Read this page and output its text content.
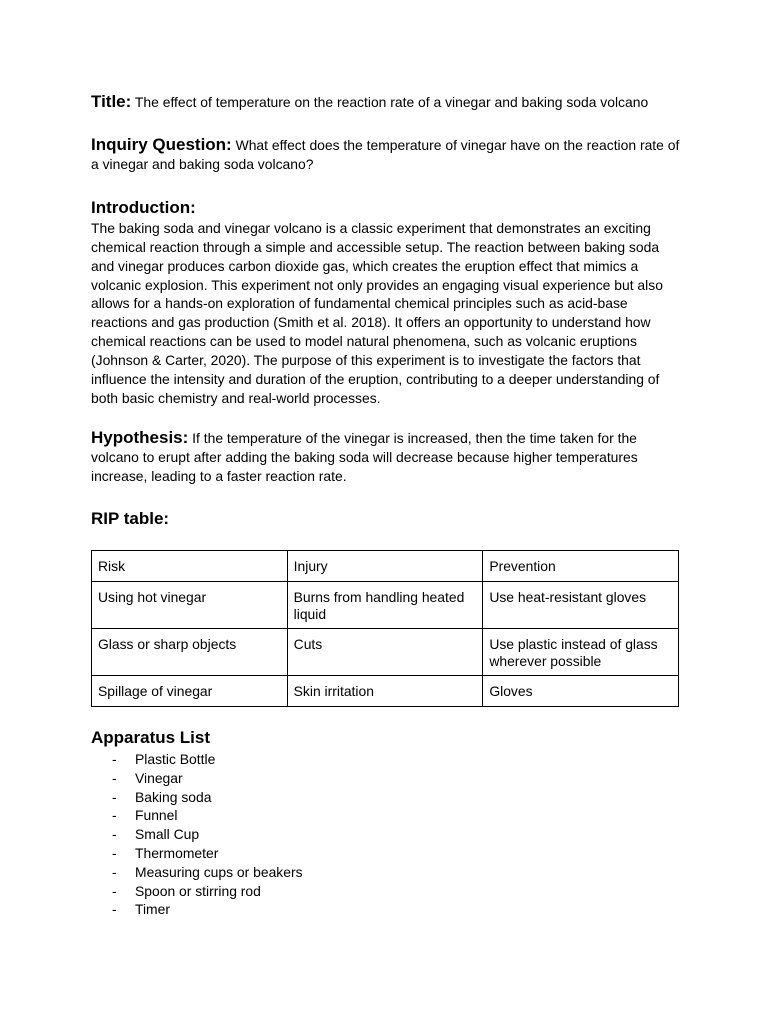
Title: The effect of temperature on the reaction rate of a vinegar and baking soda volcano
Inquiry Question: What effect does the temperature of vinegar have on the reaction rate of a vinegar and baking soda volcano?
Introduction:
The baking soda and vinegar volcano is a classic experiment that demonstrates an exciting chemical reaction through a simple and accessible setup. The reaction between baking soda and vinegar produces carbon dioxide gas, which creates the eruption effect that mimics a volcanic explosion. This experiment not only provides an engaging visual experience but also allows for a hands-on exploration of fundamental chemical principles such as acid-base reactions and gas production (Smith et al. 2018). It offers an opportunity to understand how chemical reactions can be used to model natural phenomena, such as volcanic eruptions (Johnson & Carter, 2020). The purpose of this experiment is to investigate the factors that influence the intensity and duration of the eruption, contributing to a deeper understanding of both basic chemistry and real-world processes.
Hypothesis: If the temperature of the vinegar is increased, then the time taken for the volcano to erupt after adding the baking soda will decrease because higher temperatures increase, leading to a faster reaction rate.
RIP table:
Risk	Injury	Prevention
Using hot vinegar	Burns from handling heated liquid	Use heat-resistant gloves
Glass or sharp objects	Cuts	Use plastic instead of glass wherever possible
Spillage of vinegar	Skin irritation	Gloves
Apparatus List
- Plastic Bottle
- Vinegar
- Baking soda
- Funnel
- Small Cup
- Thermometer
- Measuring cups or beakers
- Spoon or stirring rod
- Timer
